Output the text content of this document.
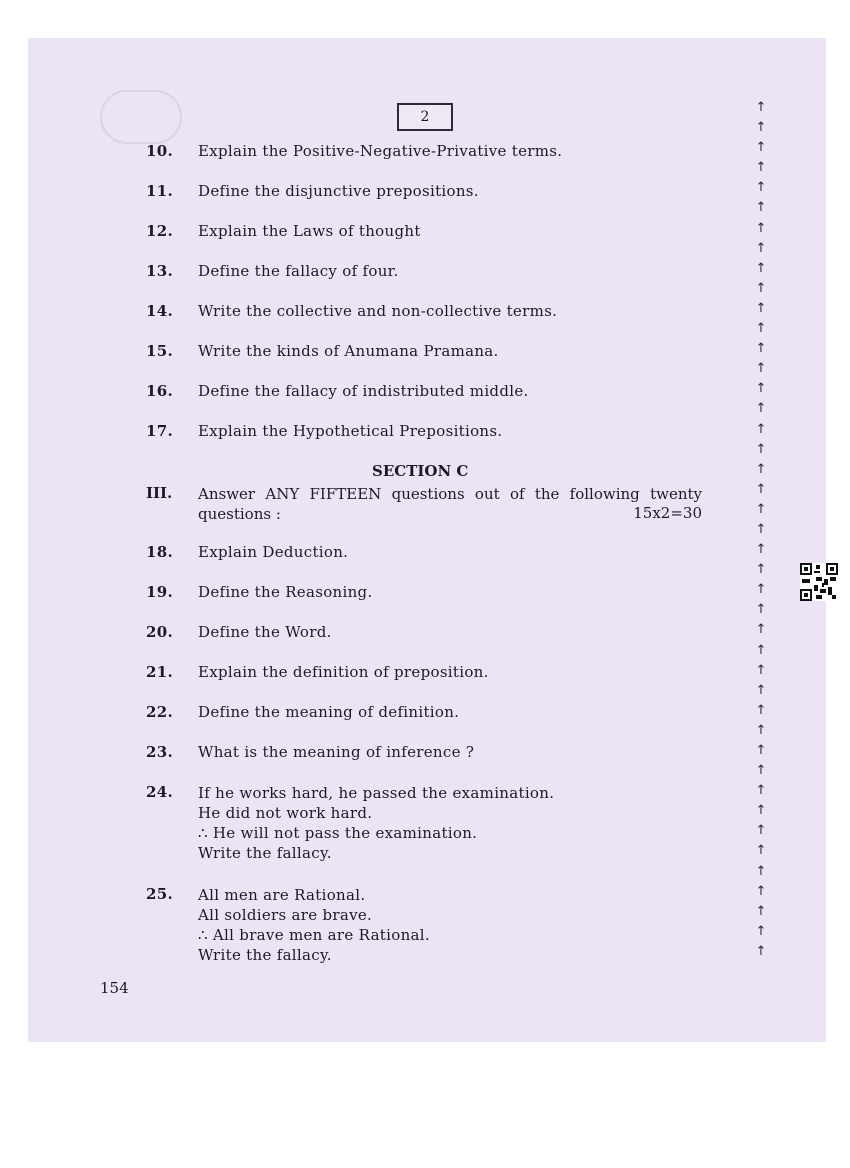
2
10. Explain the Positive-Negative-Privative terms.
11. Define the disjunctive prepositions.
12. Explain the Laws of thought
13. Define the fallacy of four.
14. Write the collective and non-collective terms.
15. Write the kinds of Anumana Pramana.
16. Define the fallacy of indistributed middle.
17. Explain the Hypothetical Prepositions.
SECTION C
III. Answer ANY FIFTEEN questions out of the following twenty questions :	15x2=30
18. Explain Deduction.
19. Define the Reasoning.
20. Define the Word.
21. Explain the definition of preposition.
22. Define the meaning of definition.
23. What is the meaning of inference ?
24. If he works hard, he passed the examination.
He did not work hard.
∴ He will not pass the examination.
Write the fallacy.
25. All men are Rational.
All soldiers are brave.
∴ All brave men are Rational.
Write the fallacy.
154
↑
↑
↑
↑
↑
↑
↑
↑
↑
↑
↑
↑
↑
↑
↑
↑
↑
↑
↑
↑
↑
↑
↑
↑
↑
↑
↑
↑
↑
↑
↑
↑
↑
↑
↑
↑
↑
↑
↑
↑
↑
↑
↑
